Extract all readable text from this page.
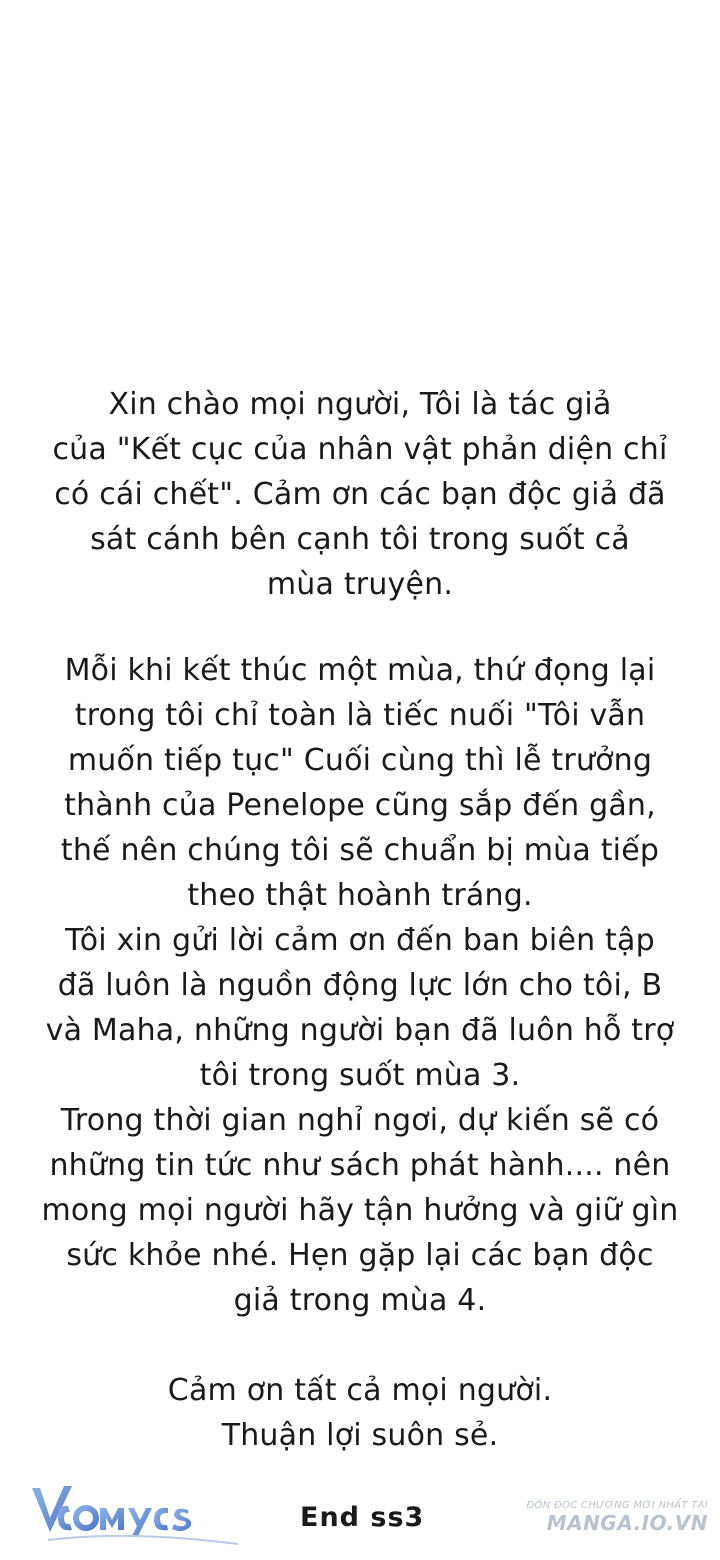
Xin chào mọi người, Tôi là tác giả
của "Kết cục của nhân vật phản diện chỉ
có cái chết". Cảm ơn các bạn độc giả đã
sát cánh bên cạnh tôi trong suốt cả
mùa truyện.

Mỗi khi kết thúc một mùa, thứ đọng lại
trong tôi chỉ toàn là tiếc nuối "Tôi vẫn
muốn tiếp tục" Cuối cùng thì lễ trưởng
thành của Penelope cũng sắp đến gần,
thế nên chúng tôi sẽ chuẩn bị mùa tiếp
theo thật hoành tráng.
Tôi xin gửi lời cảm ơn đến ban biên tập
đã luôn là nguồn động lực lớn cho tôi, B
và Maha, những người bạn đã luôn hỗ trợ
tôi trong suốt mùa 3.
Trong thời gian nghỉ ngơi, dự kiến sẽ có
những tin tức như sách phát hành.... nên
mong mọi người hãy tận hưởng và giữ gìn
sức khỏe nhé. Hẹn gặp lại các bạn độc
giả trong mùa 4.

Cảm ơn tất cả mọi người.
Thuận lợi suôn sẻ.

End ss3	ĐÓN ĐỌC CHƯƠNG MỚI NHẤT TẠI
MANGA.IO.VN
